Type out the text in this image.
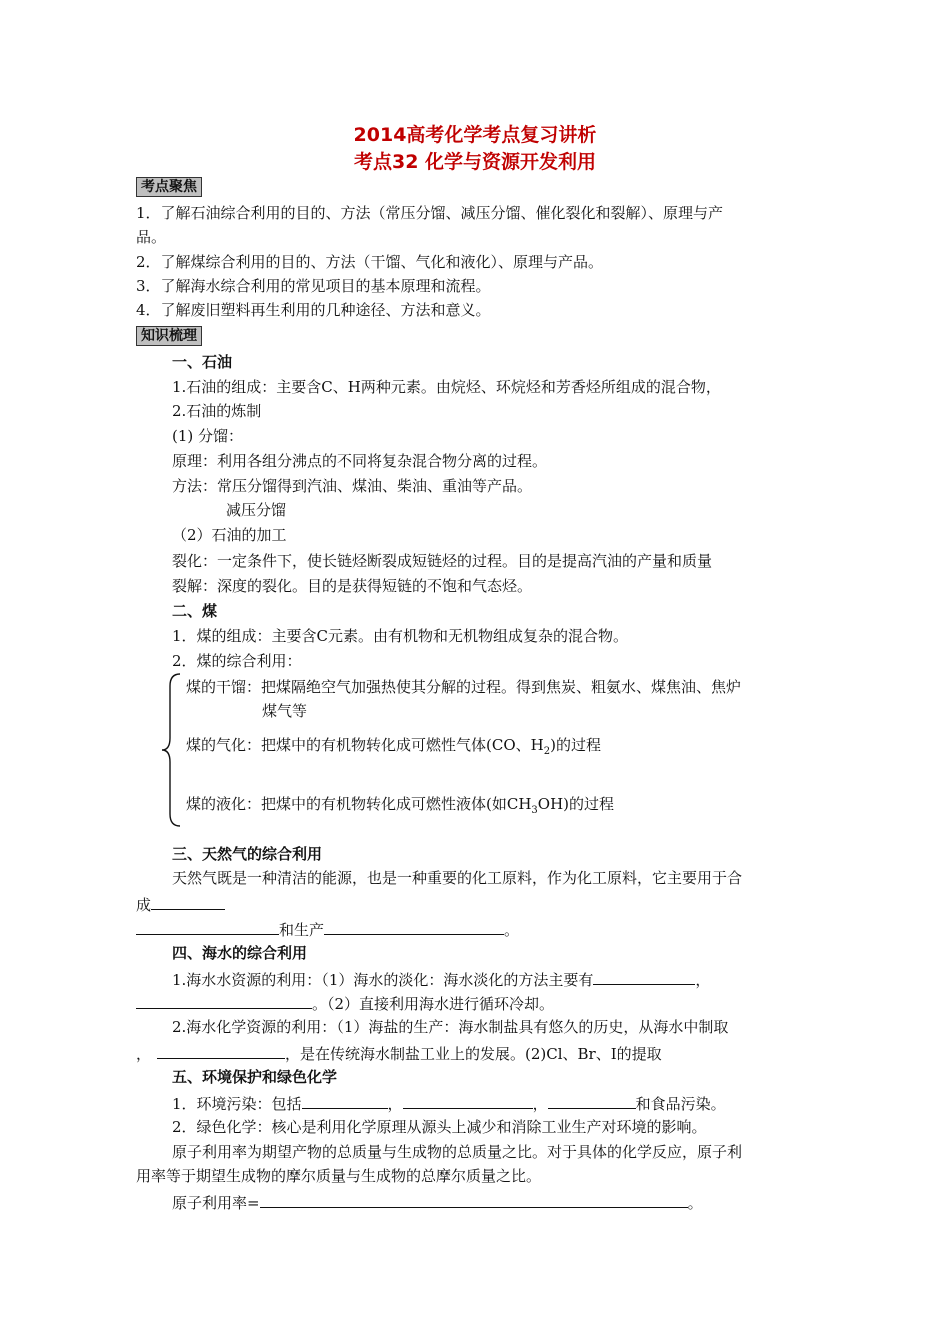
2014高考化学考点复习讲析
考点32 化学与资源开发利用
考点聚焦
1．了解石油综合利用的目的、方法（常压分馏、减压分馏、催化裂化和裂解）、原理与产
品。
2．了解煤综合利用的目的、方法（干馏、气化和液化）、原理与产品。
3．了解海水综合利用的常见项目的基本原理和流程。
4．了解废旧塑料再生利用的几种途径、方法和意义。
知识梳理
一、石油
1.石油的组成：主要含C、H两种元素。由烷烃、环烷烃和芳香烃所组成的混合物，
2.石油的炼制
(1) 分馏：
原理：利用各组分沸点的不同将复杂混合物分离的过程。
方法：常压分馏得到汽油、煤油、柴油、重油等产品。
减压分馏
（2）石油的加工
裂化：一定条件下，使长链烃断裂成短链烃的过程。目的是提高汽油的产量和质量
裂解：深度的裂化。目的是获得短链的不饱和气态烃。
二、煤
1．煤的组成：主要含C元素。由有机物和无机物组成复杂的混合物。
2．煤的综合利用：
煤的干馏：把煤隔绝空气加强热使其分解的过程。得到焦炭、粗氨水、煤焦油、焦炉
煤气等
煤的气化：把煤中的有机物转化成可燃性气体(CO、$H_2$)的过程
煤的液化：把煤中的有机物转化成可燃性液体(如$CH_3OH$)的过程
三、天然气的综合利用
天然气既是一种清洁的能源，也是一种重要的化工原料，作为化工原料，它主要用于合
成
和生产	。
四、海水的综合利用
1.海水水资源的利用：（1）海水的淡化：海水淡化的方法主要有	，
。（2）直接利用海水进行循环冷却。
2.海水化学资源的利用：（1）海盐的生产：海水制盐具有悠久的历史，从海水中制取
，	，是在传统海水制盐工业上的发展。(2)Cl、Br、I的提取
五、环境保护和绿色化学
1．环境污染：包括	，	，	和食品污染。
2．绿色化学：核心是利用化学原理从源头上减少和消除工业生产对环境的影响。
原子利用率为期望产物的总质量与生成物的总质量之比。对于具体的化学反应，原子利
用率等于期望生成物的摩尔质量与生成物的总摩尔质量之比。
原子利用率=	。
